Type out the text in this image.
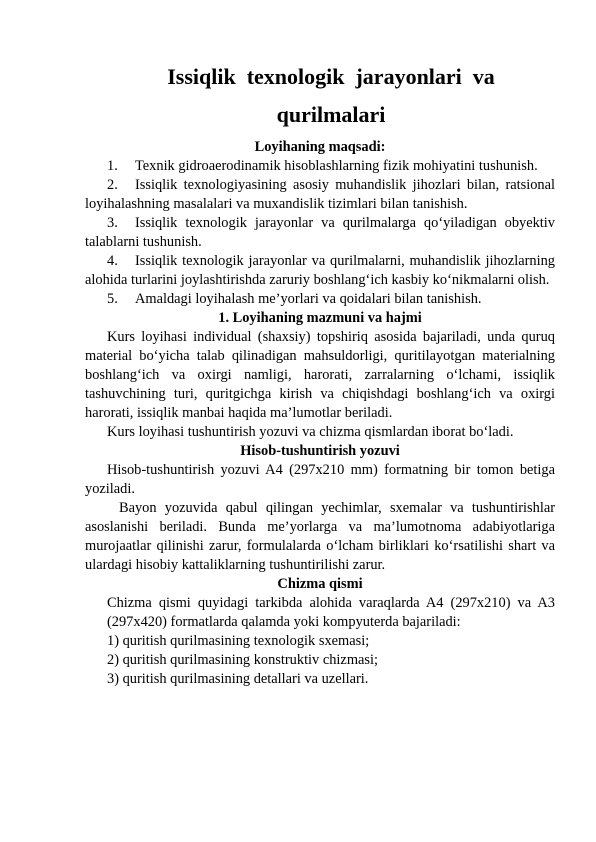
Issiqlik  texnologik  jarayonlari  va
qurilmalari

Loyihaning maqsadi:

1. Texnik gidroaerodinamik hisoblashlarning fizik mohiyatini tushunish.

2. Issiqlik texnologiyasining asosiy muhandislik jihozlari bilan, ratsional loyihalashning masalalari va muxandislik tizimlari bilan tanishish.

3. Issiqlik texnologik jarayonlar va qurilmalarga qo‘yiladigan obyektiv talablarni tushunish.

4. Issiqlik texnologik jarayonlar va qurilmalarni, muhandislik jihozlarning alohida turlarini joylashtirishda zaruriy boshlang‘ich kasbiy ko‘nikmalarni olish.

5. Amaldagi loyihalash me’yorlari va qoidalari bilan tanishish.

1. Loyihaning mazmuni va hajmi

Kurs loyihasi individual (shaxsiy) topshiriq asosida bajariladi, unda quruq material bo‘yicha talab qilinadigan mahsuldorligi, quritilayotgan materialning boshlang‘ich va oxirgi namligi, harorati, zarralarning o‘lchami, issiqlik tashuvchining turi, quritgichga kirish va chiqishdagi boshlang‘ich va oxirgi harorati, issiqlik manbai haqida ma’lumotlar beriladi.

Kurs loyihasi tushuntirish yozuvi va chizma qismlardan iborat bo‘ladi.

Hisob-tushuntirish yozuvi

Hisob-tushuntirish yozuvi A4 (297x210 mm) formatning bir tomon betiga yoziladi.

Bayon yozuvida qabul qilingan yechimlar, sxemalar va tushuntirishlar asoslanishi beriladi. Bunda me’yorlarga va ma’lumotnoma adabiyotlariga murojaatlar qilinishi zarur, formulalarda o‘lcham birliklari ko‘rsatilishi shart va ulardagi hisobiy kattaliklarning tushuntirilishi zarur.

Chizma qismi

Chizma qismi quyidagi tarkibda alohida varaqlarda A4 (297x210) va A3 (297x420) formatlarda qalamda yoki kompyuterda bajariladi:

1) quritish qurilmasining texnologik sxemasi;

2) quritish qurilmasining konstruktiv chizmasi;

3) quritish qurilmasining detallari va uzellari.
